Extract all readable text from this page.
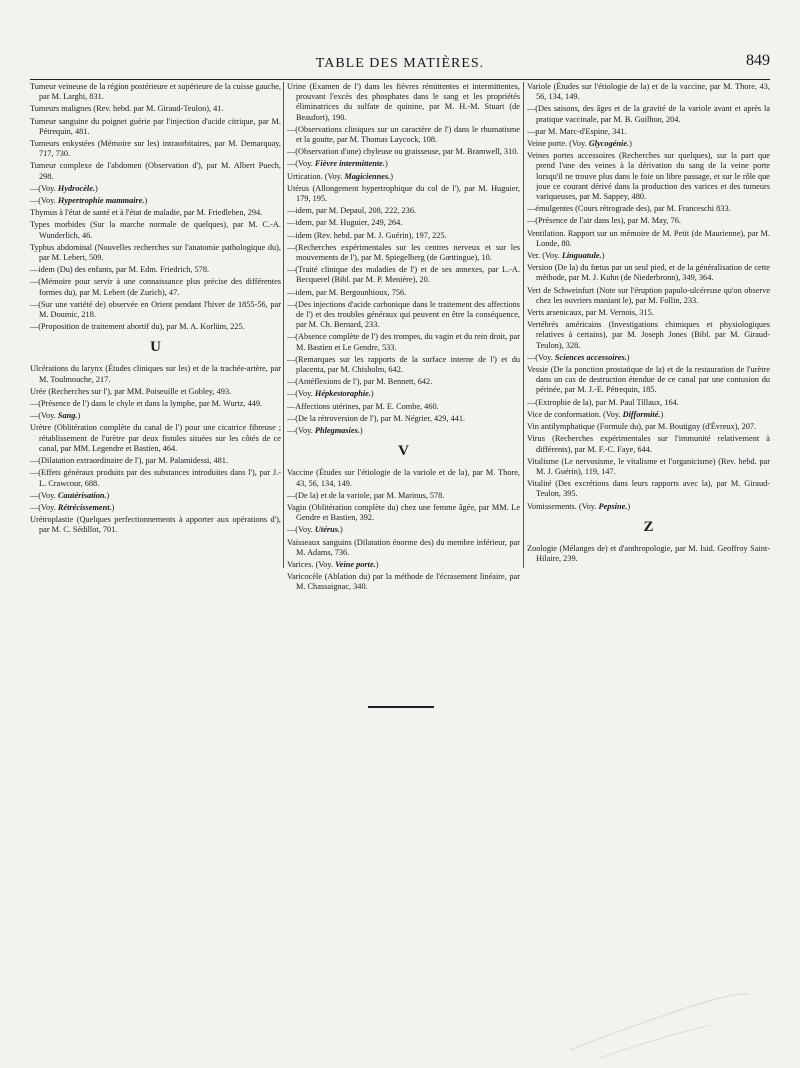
TABLE DES MATIÈRES.	849
Tumeur veineuse de la région postérieure et supérieure de la cuisse gauche, par M. Larghi, 831.
Tumeurs malignes (Rev. hebd. par M. Giraud-Teulon), 41.
Tumeur sanguine du poignet guérie par l'injection d'acide citrique, par M. Pétrequin, 481.
Tumeurs enkystées (Mémoire sur les) intraorbitaires, par M. Demarquay, 717, 730.
Tumeur complexe de l'abdomen (Observation d'), par M. Albert Puech, 298.
—(Voy. Hydrocèle.)
—(Voy. Hypertrophie mammaire.)
Thymus à l'état de santé et à l'état de maladie, par M. Friedleben, 294.
Types morbides (Sur la marche normale de quelques), par M. C.-A. Wunderlich, 46.
Typhus abdominal (Nouvelles recherches sur l'anatomie pathologique du), par M. Lebert, 509.
—idem (Du) des enfants, par M. Edm. Friedrich, 578.
—(Mémoire pour servir à une connaissance plus précise des différentes formes du), par M. Lebert (de Zurich), 47.
—(Sur une variété de) observée en Orient pendant l'hiver de 1855-56, par M. Doumic, 218.
—(Proposition de traitement abortif du), par M. A. Korlüm, 225.
U
Ulcérations du larynx (Études cliniques sur les) et de la trachée-artère, par M. Toulmouche, 217.
Urée (Recherches sur l'), par MM. Poiseuille et Gobley, 493.
—(Présence de l') dans le chyle et dans la lymphe, par M. Wurtz, 449.
—(Voy. Sang.)
Urètre (Oblitération complète du canal de l') pour une cicatrice fibreuse ; rétablissement de l'urètre par deux fistules situées sur les côtés de ce canal, par MM. Legendre et Bastien, 464.
—(Dilatation extraordinaire de l'), par M. Palamidessi, 481.
—(Effets généraux produits par des substances introduites dans l'), par J.-L. Crawcour, 688.
—(Voy. Cautérisation.)
—(Voy. Rétrécissement.)
Urétroplastie (Quelques perfectionnements à apporter aux opérations d'), par M. C. Sédillot, 701.
Urine (Examen de l') dans les fièvres rémittentes et intermittentes, prouvant l'excès des phosphates dans le sang et les propriétés éliminatrices du sulfate de quinine, par M. H.-M. Stuart (de Beaufort), 190.
—(Observations cliniques sur un caractère de l') dans le rhumatisme et la goutte, par M. Thomas Laycock, 108.
—(Observation d'une) chyleuse ou graisseuse, par M. Bramwell, 310.
—(Voy. Fièvre intermittente.)
Urtication. (Voy. Magiciennes.)
Utérus (Allongement hypertrophique du col de l'), par M. Huguier, 179, 195.
—idem, par M. Depaul, 208, 222, 236.
—idem, par M. Huguier, 249, 264.
—idem (Rev. hebd. par M. J. Guérin), 197, 225.
—(Recherches expérimentales sur les centres nerveux et sur les mouvements de l'), par M. Spiegelberg (de Gœttingue), 10.
—(Traité clinique des maladies de l') et de ses annexes, par L.-A. Becquerel (Bibl. par M. P. Menière), 20.
—idem, par M. Bergounhioux, 756.
—(Des injections d'acide carbonique dans le traitement des affections de l') et des troubles généraux qui peuvent en être la conséquence, par M. Ch. Bernard, 233.
—(Absence complète de l') des trompes, du vagin et du rein droit, par M. Bastien et Le Gendre, 533.
—(Remarques sur les rapports de la surface interne de l') et du placenta, par M. Chisholm, 642.
—(Antéflexions de l'), par M. Bennett, 642.
—(Voy. Hépkestoraphie.)
—Affections utérines, par M. E. Combe, 460.
—(De la rétroversion de l'), par M. Négrier, 429, 441.
—(Voy. Phlegmasies.)
V
Vaccine (Études sur l'étiologie de la variole et de la), par M. Thore, 43, 56, 134, 149.
—(De la) et de la variole, par M. Marinus, 578.
Vagin (Oblitération complète du) chez une femme âgée, par MM. Le Gendre et Bastien, 392.
—(Voy. Utérus.)
Vaisseaux sanguins (Dilatation énorme des) du membre inférieur, par M. Adams, 736.
Varices. (Voy. Veine porte.)
Varicocèle (Ablation du) par la méthode de l'écrasement linéaire, par M. Chassaignac, 340.
Variole (Études sur l'étiologie de la) et de la vaccine, par M. Thore, 43, 56, 134, 149.
—(Des saisons, des âges et de la gravité de la variole avant et après la pratique vaccinale, par M. B. Guilhon, 204.
—par M. Marc-d'Espine, 341.
Veine porte. (Voy. Glycogénie.)
Veines portes accessoires (Recherches sur quelques), sur la part que prend l'une des veines à la dérivation du sang de la veine porte lorsqu'il ne trouve plus dans le foie un libre passage, et sur le rôle que joue ce courant dérivé dans la production des varices et des tumeurs variqueuses, par M. Sappey, 480.
—émulgentes (Cours rétrograde des), par M. Franceschi 833.
—(Présence de l'air dans les), par M. May, 76.
Ventilation. Rapport sur un mémoire de M. Petit (de Maurienne), par M. Londe, 80.
Ver. (Voy. Linguatule.)
Version (De la) du fœtus par un seul pied, et de la généralisation de cette méthode, par M. J. Kuhn (de Niederbronn), 349, 364.
Vert de Schweinfurt (Note sur l'éruption papulo-ulcéreuse qu'on observe chez les ouvriers maniant le), par M. Follin, 233.
Verts arsenicaux, par M. Vernois, 315.
Vertébrés américains (Investigations chimiques et physiologiques relatives à certains), par M. Joseph Jones (Bibl. par M. Giraud-Teulon), 328.
—(Voy. Sciences accessoires.)
Vessie (De la ponction prostatique de la) et de la restauration de l'urètre dans un cas de destruction étendue de ce canal par une contusion du périnée, par M. J.-E. Pétrequin, 185.
—(Extrophie de la), par M. Paul Tillaux, 164.
Vice de conformation. (Voy. Difformité.)
Vin antilymphatique (Formule du), par M. Boutigny (d'Évreux), 207.
Virus (Recherches expérimentales sur l'immunité relativement à différents), par M. F.-C. Faye, 644.
Vitalisme (Le nervosisme, le vitalisme et l'organicisme) (Rev. hebd. par M. J. Guérin), 119, 147.
Vitalité (Des excrétions dans leurs rapports avec la), par M. Giraud-Teulon, 395.
Vomissements. (Voy. Pepsine.)
Z
Zoologie (Mélanges de) et d'anthropologie, par M. Isid. Geoffroy Saint-Hilaire, 239.
